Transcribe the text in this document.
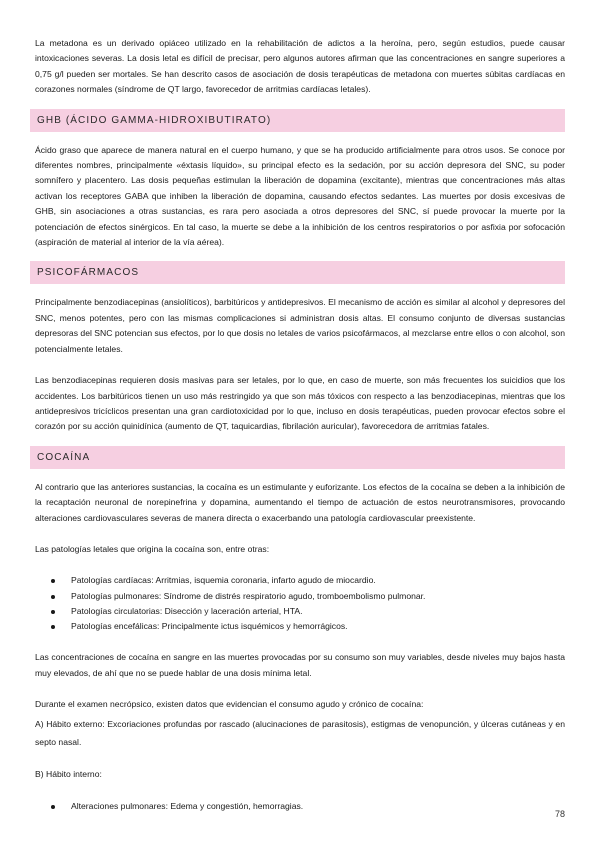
La metadona es un derivado opiáceo utilizado en la rehabilitación de adictos a la heroína, pero, según estudios, puede causar intoxicaciones severas. La dosis letal es difícil de precisar, pero algunos autores afirman que las concentraciones en sangre superiores a 0,75 g/l pueden ser mortales. Se han descrito casos de asociación de dosis terapéuticas de metadona con muertes súbitas cardíacas en corazones normales (síndrome de QT largo, favorecedor de arritmias cardíacas letales).

GHB (ÁCIDO GAMMA-HIDROXIBUTIRATO)

Ácido graso que aparece de manera natural en el cuerpo humano, y que se ha producido artificialmente para otros usos. Se conoce por diferentes nombres, principalmente «éxtasis líquido», su principal efecto es la sedación, por su acción depresora del SNC, su poder somnífero y placentero. Las dosis pequeñas estimulan la liberación de dopamina (excitante), mientras que concentraciones más altas activan los receptores GABA que inhiben la liberación de dopamina, causando efectos sedantes. Las muertes por dosis excesivas de GHB, sin asociaciones a otras sustancias, es rara pero asociada a otros depresores del SNC, sí puede provocar la muerte por la potenciación de efectos sinérgicos. En tal caso, la muerte se debe a la inhibición de los centros respiratorios o por asfixia por sofocación (aspiración de material al interior de la vía aérea).

PSICOFÁRMACOS

Principalmente benzodiacepinas (ansiolíticos), barbitúricos y antidepresivos. El mecanismo de acción es similar al alcohol y depresores del SNC, menos potentes, pero con las mismas complicaciones si administran dosis altas. El consumo conjunto de diversas sustancias depresoras del SNC potencian sus efectos, por lo que dosis no letales de varios psicofármacos, al mezclarse entre ellos o con alcohol, son potencialmente letales.

Las benzodiacepinas requieren dosis masivas para ser letales, por lo que, en caso de muerte, son más frecuentes los suicidios que los accidentes. Los barbitúricos tienen un uso más restringido ya que son más tóxicos con respecto a las benzodiacepinas, mientras que los antidepresivos tricíclicos presentan una gran cardiotoxicidad por lo que, incluso en dosis terapéuticas, pueden provocar efectos sobre el corazón por su acción quinidínica (aumento de QT, taquicardias, fibrilación auricular), favorecedora de arritmias fatales.

COCAÍNA

Al contrario que las anteriores sustancias, la cocaína es un estimulante y euforizante. Los efectos de la cocaína se deben a la inhibición de la recaptación neuronal de norepinefrina y dopamina, aumentando el tiempo de actuación de estos neurotransmisores, provocando alteraciones cardiovasculares severas de manera directa o exacerbando una patología cardiovascular preexistente.

Las patologías letales que origina la cocaína son, entre otras:

Patologías cardíacas: Arritmias, isquemia coronaria, infarto agudo de miocardio.
Patologías pulmonares: Síndrome de distrés respiratorio agudo, tromboembolismo pulmonar.
Patologías circulatorias: Disección y laceración arterial, HTA.
Patologías encefálicas: Principalmente ictus isquémicos y hemorrágicos.

Las concentraciones de cocaína en sangre en las muertes provocadas por su consumo son muy variables, desde niveles muy bajos hasta muy elevados, de ahí que no se puede hablar de una dosis mínima letal.

Durante el examen necrópsico, existen datos que evidencian el consumo agudo y crónico de cocaína:

A) Hábito externo: Excoriaciones profundas por rascado (alucinaciones de parasitosis), estigmas de venopunción, y úlceras cutáneas y en septo nasal.

B) Hábito interno:

Alteraciones pulmonares: Edema y congestión, hemorragias.
78
